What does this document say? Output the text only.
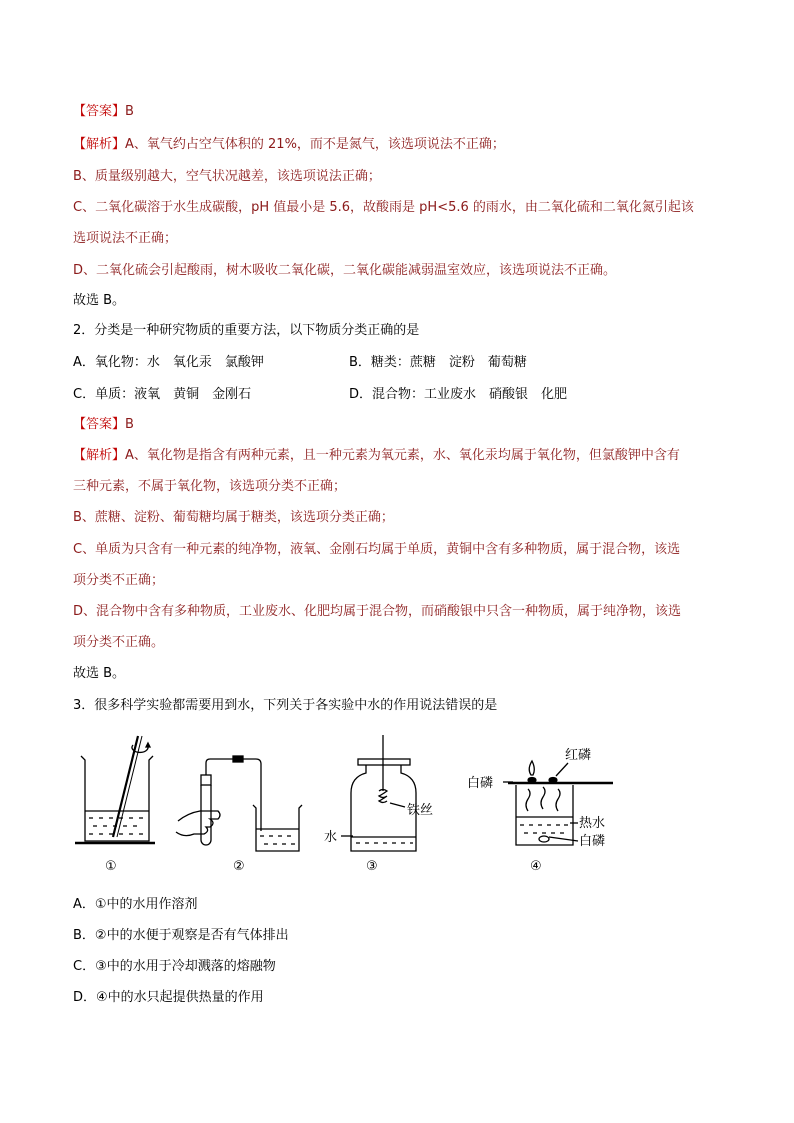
【答案】B
【解析】A、氧气约占空气体积的 21%，而不是氮气，该选项说法不正确；
B、质量级别越大，空气状况越差，该选项说法正确；
C、二氧化碳溶于水生成碳酸，pH 值最小是 5.6，故酸雨是 pH<5.6 的雨水，由二氧化硫和二氧化氮引起该
选项说法不正确；
D、二氧化硫会引起酸雨，树木吸收二氧化碳，二氧化碳能减弱温室效应，该选项说法不正确。
故选 B。
2．分类是一种研究物质的重要方法，以下物质分类正确的是
A．氧化物：水　氧化汞　氯酸钾	B．糖类：蔗糖　淀粉　葡萄糖
C．单质：液氧　黄铜　金刚石	D．混合物：工业废水　硝酸银　化肥
【答案】B
【解析】A、氧化物是指含有两种元素，且一种元素为氧元素，水、氧化汞均属于氧化物，但氯酸钾中含有
三种元素，不属于氧化物，该选项分类不正确；
B、蔗糖、淀粉、葡萄糖均属于糖类，该选项分类正确；
C、单质为只含有一种元素的纯净物，液氧、金刚石均属于单质，黄铜中含有多种物质，属于混合物，该选
项分类不正确；
D、混合物中含有多种物质，工业废水、化肥均属于混合物，而硝酸银中只含一种物质，属于纯净物，该选
项分类不正确。
故选 B。
3．很多科学实验都需要用到水，下列关于各实验中水的作用说法错误的是
①	②	③	④
铁丝
水
红磷
白磷
热水
白磷
A．①中的水用作溶剂
B．②中的水便于观察是否有气体排出
C．③中的水用于冷却溅落的熔融物
D．④中的水只起提供热量的作用
